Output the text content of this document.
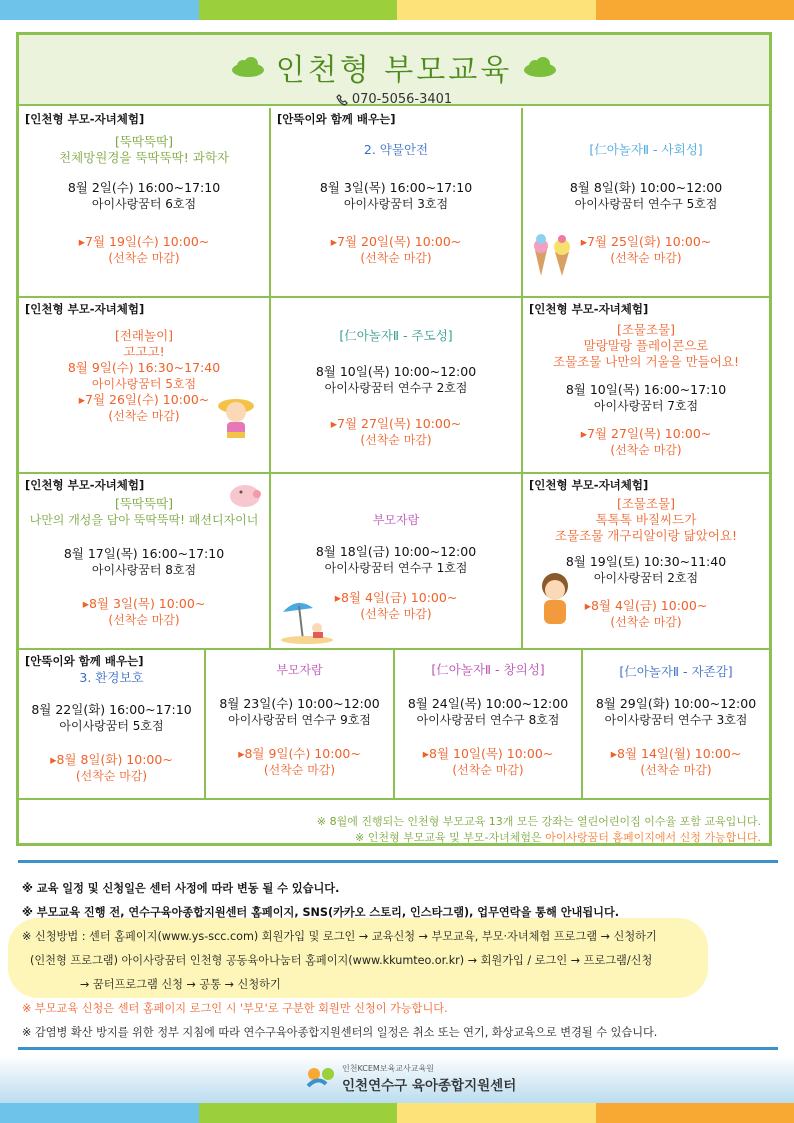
인천형 부모교육
070-5056-3401
[인천형 부모-자녀체험]

[뚝딱뚝딱]

천체망원경을 뚝딱뚝딱! 과학자

8월 2일(수) 16:00~17:10

아이사랑꿈터 6호점

▸7월 19일(수) 10:00~

(선착순 마감)

[안뚝이와 함께 배우는]

2. 약물안전

8월 3일(목) 16:00~17:10

아이사랑꿈터 3호점

▸7월 20일(목) 10:00~

(선착순 마감)

[仁아놀자Ⅱ - 사회성]

8월 8일(화) 10:00~12:00

아이사랑꿈터 연수구 5호점

▸7월 25일(화) 10:00~

(선착순 마감)

[인천형 부모-자녀체험]

[전래놀이]

고고고!

8월 9일(수) 16:30~17:40

아이사랑꿈터 5호점

▸7월 26일(수) 10:00~

(선착순 마감)

[仁아놀자Ⅱ - 주도성]

8월 10일(목) 10:00~12:00

아이사랑꿈터 연수구 2호점

▸7월 27일(목) 10:00~

(선착순 마감)

[인천형 부모-자녀체험]

[조물조물]

말랑말랑 플레이콘으로

조물조물 나만의 거울을 만들어요!

8월 10일(목) 16:00~17:10

아이사랑꿈터 7호점

▸7월 27일(목) 10:00~

(선착순 마감)

[인천형 부모-자녀체험]

[뚝딱뚝딱]

나만의 개성을 담아 뚝딱뚝딱! 패션디자이너

8월 17일(목) 16:00~17:10

아이사랑꿈터 8호점

▸8월 3일(목) 10:00~

(선착순 마감)

부모자람

8월 18일(금) 10:00~12:00

아이사랑꿈터 연수구 1호점

▸8월 4일(금) 10:00~

(선착순 마감)

[인천형 부모-자녀체험]

[조물조물]

톡톡톡 바질씨드가

조물조물 개구리알이랑 닮았어요!

8월 19일(토) 10:30~11:40

아이사랑꿈터 2호점

▸8월 4일(금) 10:00~

(선착순 마감)

[안뚝이와 함께 배우는]

3. 환경보호

8월 22일(화) 16:00~17:10

아이사랑꿈터 5호점

▸8월 8일(화) 10:00~

(선착순 마감)

부모자람

8월 23일(수) 10:00~12:00

아이사랑꿈터 연수구 9호점

▸8월 9일(수) 10:00~

(선착순 마감)

[仁아놀자Ⅱ - 창의성]

8월 24일(목) 10:00~12:00

아이사랑꿈터 연수구 8호점

▸8월 10일(목) 10:00~

(선착순 마감)

[仁아놀자Ⅱ - 자존감]

8월 29일(화) 10:00~12:00

아이사랑꿈터 연수구 3호점

▸8월 14일(월) 10:00~

(선착순 마감)

※ 8월에 진행되는 인천형 부모교육 13개 모든 강좌는 열린어린이집 이수율 포함 교육입니다.
※ 인천형 부모교육 및 부모-자녀체험은 아이사랑꿈터 홈페이지에서 신청 가능합니다.
※ 교육 일정 및 신청일은 센터 사정에 따라 변동 될 수 있습니다.
※ 부모교육 진행 전, 연수구육아종합지원센터 홈페이지, SNS(카카오 스토리, 인스타그램), 업무연락을 통해 안내됩니다.
※ 신청방법 : 센터 홈페이지(www.ys-scc.com) 회원가입 및 로그인 → 교육신청 → 부모교육, 부모·자녀체험 프로그램 → 신청하기
(인천형 프로그램) 아이사랑꿈터 인천형 공동육아나눔터 홈페이지(www.kkumteo.or.kr) → 회원가입 / 로그인 → 프로그램/신청
→ 꿈터프로그램 신청 → 공통 → 신청하기
※ 부모교육 신청은 센터 홈페이지 로그인 시 '부모'로 구분한 회원만 신청이 가능합니다.
※ 감염병 확산 방지를 위한 정부 지침에 따라 연수구육아종합지원센터의 일정은 취소 또는 연기, 화상교육으로 변경될 수 있습니다.
인천KCEM보육교사교육원
인천연수구 육아종합지원센터
